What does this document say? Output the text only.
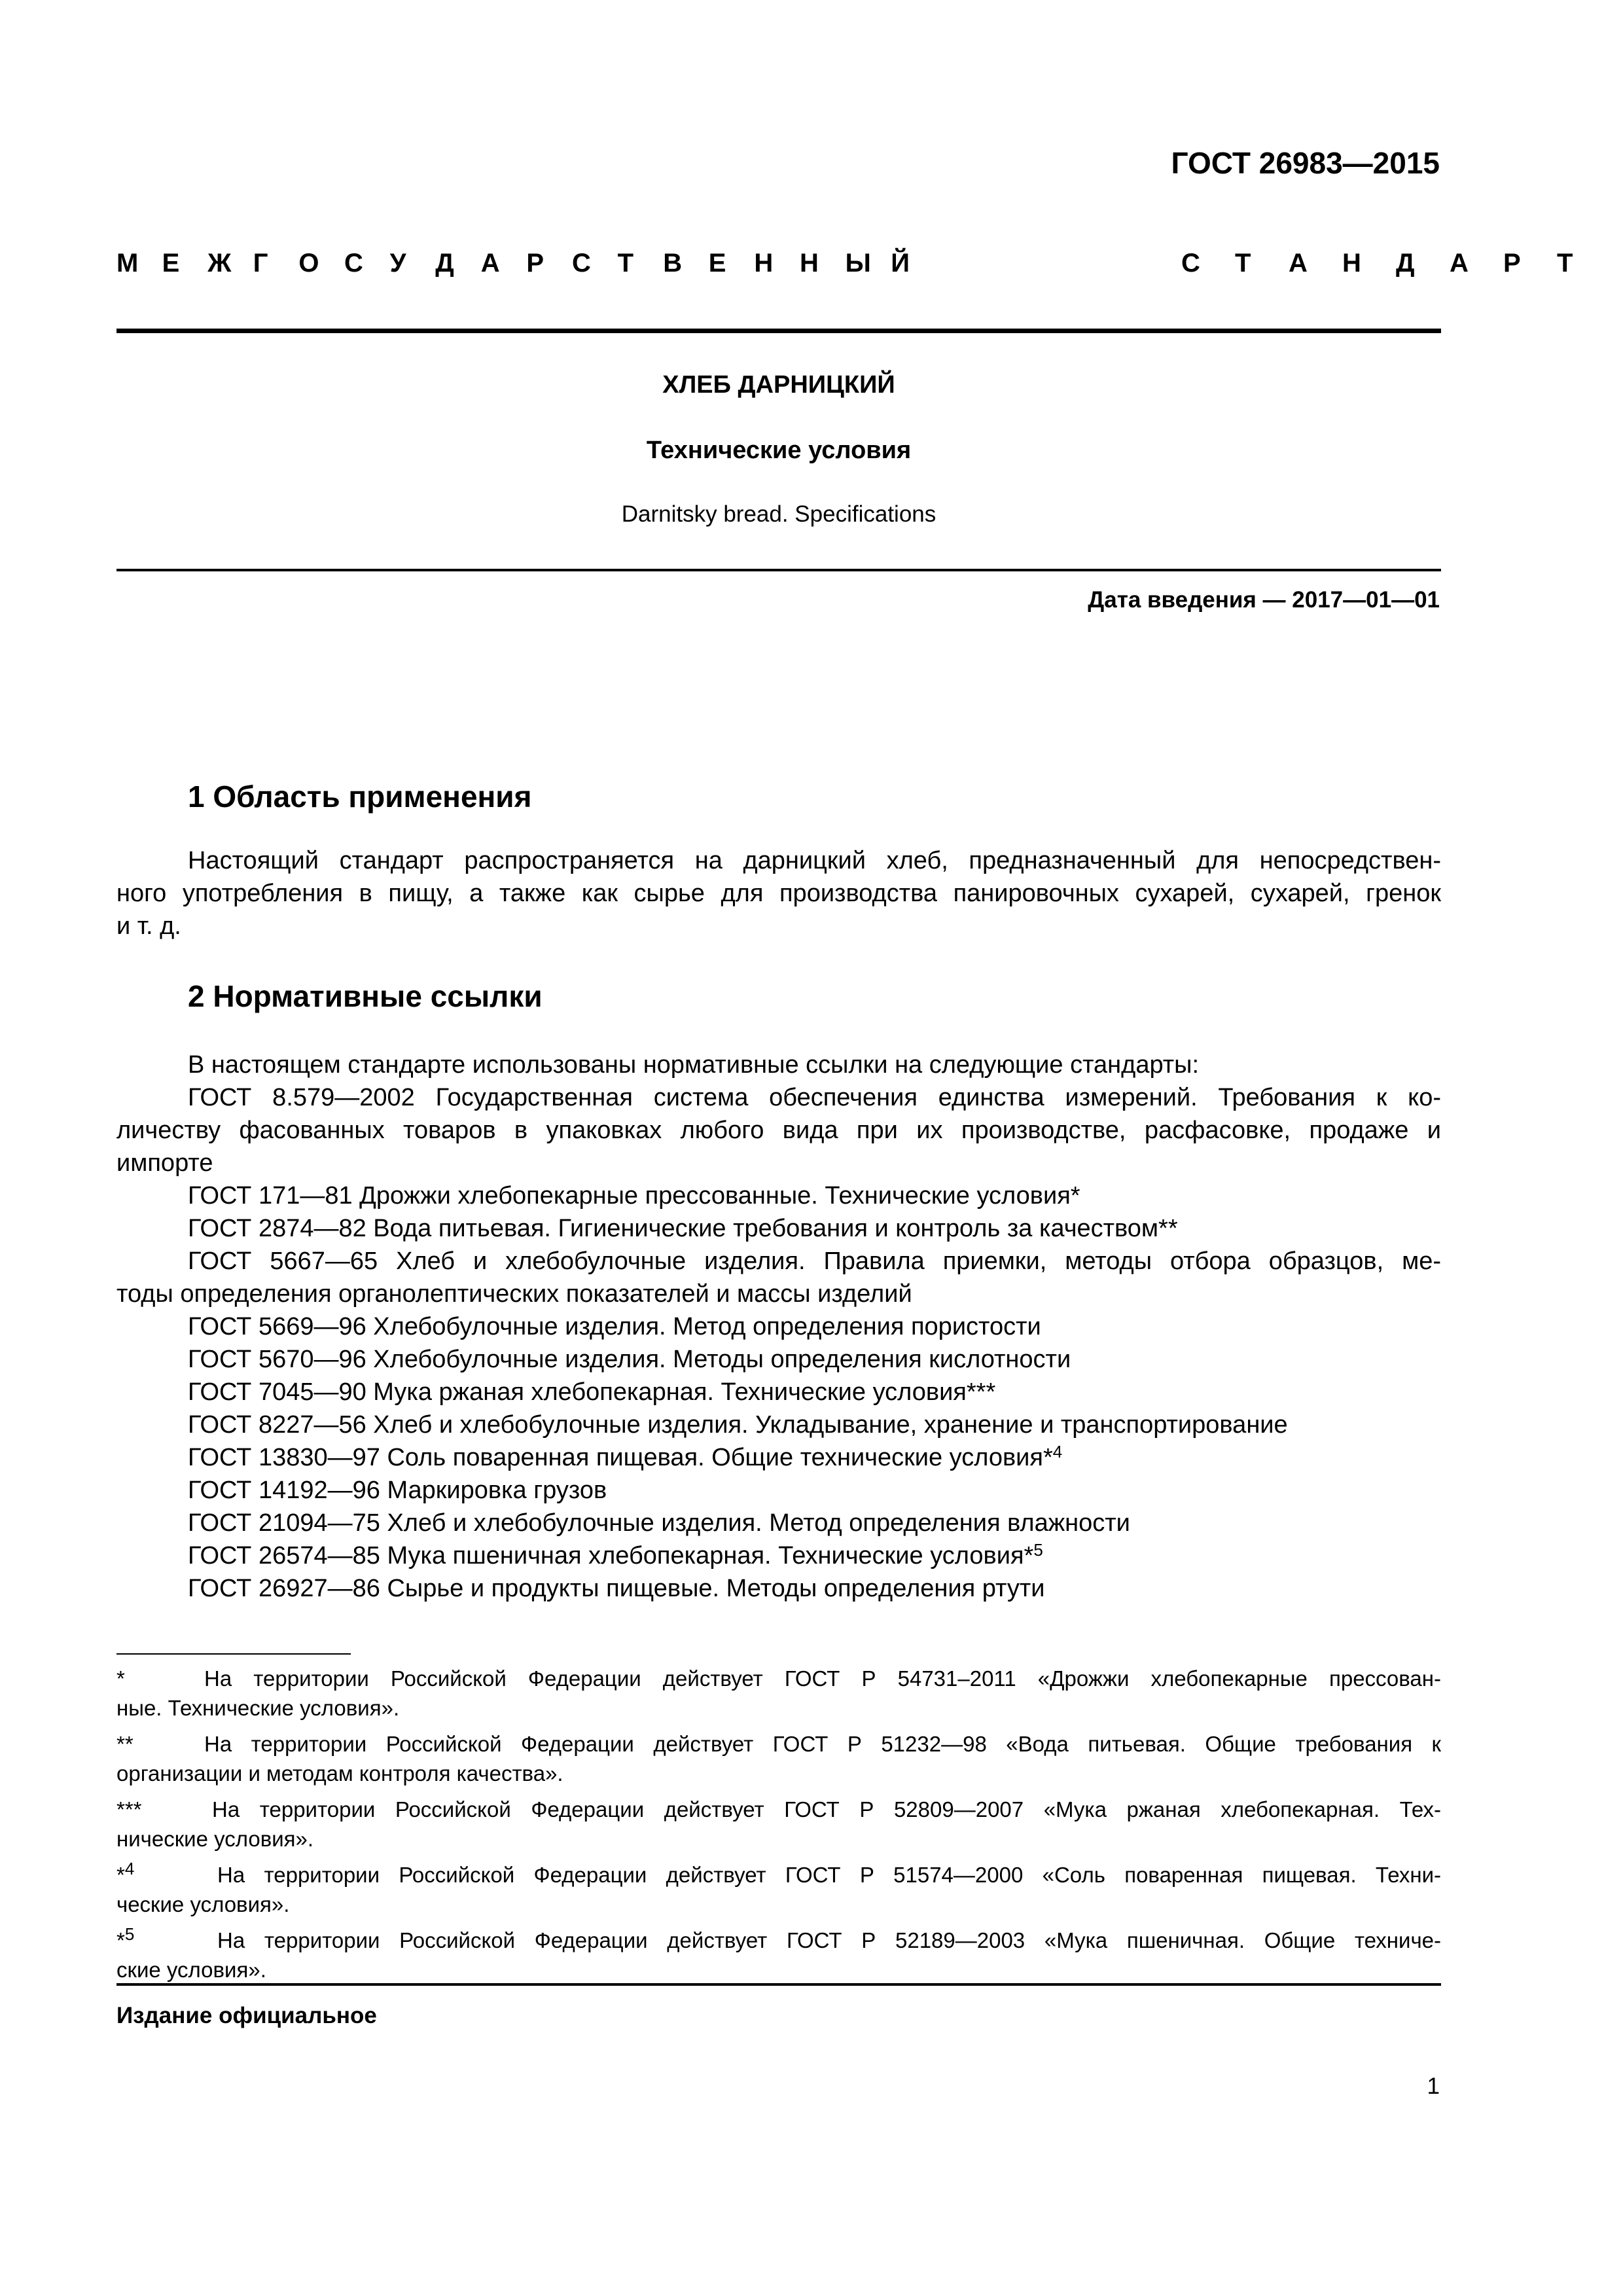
ГОСТ 26983—2015
М Е Ж Г О С У Д А Р С Т В Е Н Н Ы Й	С Т А Н Д А Р Т
ХЛЕБ ДАРНИЦКИЙ
Технические условия
Darnitsky bread. Specifications
Дата введения — 2017—01—01
1 Область применения
Настоящий стандарт распространяется на дарницкий хлеб, предназначенный для непосредствен-
ного употребления в пищу, а также как сырье для производства панировочных сухарей, сухарей, гренок
и т. д.
2 Нормативные ссылки
В настоящем стандарте использованы нормативные ссылки на следующие стандарты:
ГОСТ 8.579—2002 Государственная система обеспечения единства измерений. Требования к ко-
личеству фасованных товаров в упаковках любого вида при их производстве, расфасовке, продаже и
импорте
ГОСТ 171—81 Дрожжи хлебопекарные прессованные. Технические условия*
ГОСТ 2874—82 Вода питьевая. Гигиенические требования и контроль за качеством**
ГОСТ 5667—65 Хлеб и хлебобулочные изделия. Правила приемки, методы отбора образцов, ме-
тоды определения органолептических показателей и массы изделий
ГОСТ 5669—96 Хлебобулочные изделия. Метод определения пористости
ГОСТ 5670—96 Хлебобулочные изделия. Методы определения кислотности
ГОСТ 7045—90 Мука ржаная хлебопекарная. Технические условия***
ГОСТ 8227—56 Хлеб и хлебобулочные изделия. Укладывание, хранение и транспортирование
ГОСТ 13830—97 Соль поваренная пищевая. Общие технические условия*$^4$
ГОСТ 14192—96 Маркировка грузов
ГОСТ 21094—75 Хлеб и хлебобулочные изделия. Метод определения влажности
ГОСТ 26574—85 Мука пшеничная хлебопекарная. Технические условия*$^5$
ГОСТ 26927—86 Сырье и продукты пищевые. Методы определения ртути
*	На территории Российской Федерации действует ГОСТ Р 54731–2011 «Дрожжи хлебопекарные прессован-
ные. Технические условия».
**	На территории Российской Федерации действует ГОСТ Р 51232—98 «Вода питьевая. Общие требования к
организации и методам контроля качества».
***	На территории Российской Федерации действует ГОСТ Р 52809—2007 «Мука ржаная хлебопекарная. Тех-
нические условия».
*$^4$	На территории Российской Федерации действует ГОСТ Р 51574—2000 «Соль поваренная пищевая. Техни-
ческие условия».
*$^5$	На территории Российской Федерации действует ГОСТ Р 52189—2003 «Мука пшеничная. Общие техниче-
ские условия».
Издание официальное
1
